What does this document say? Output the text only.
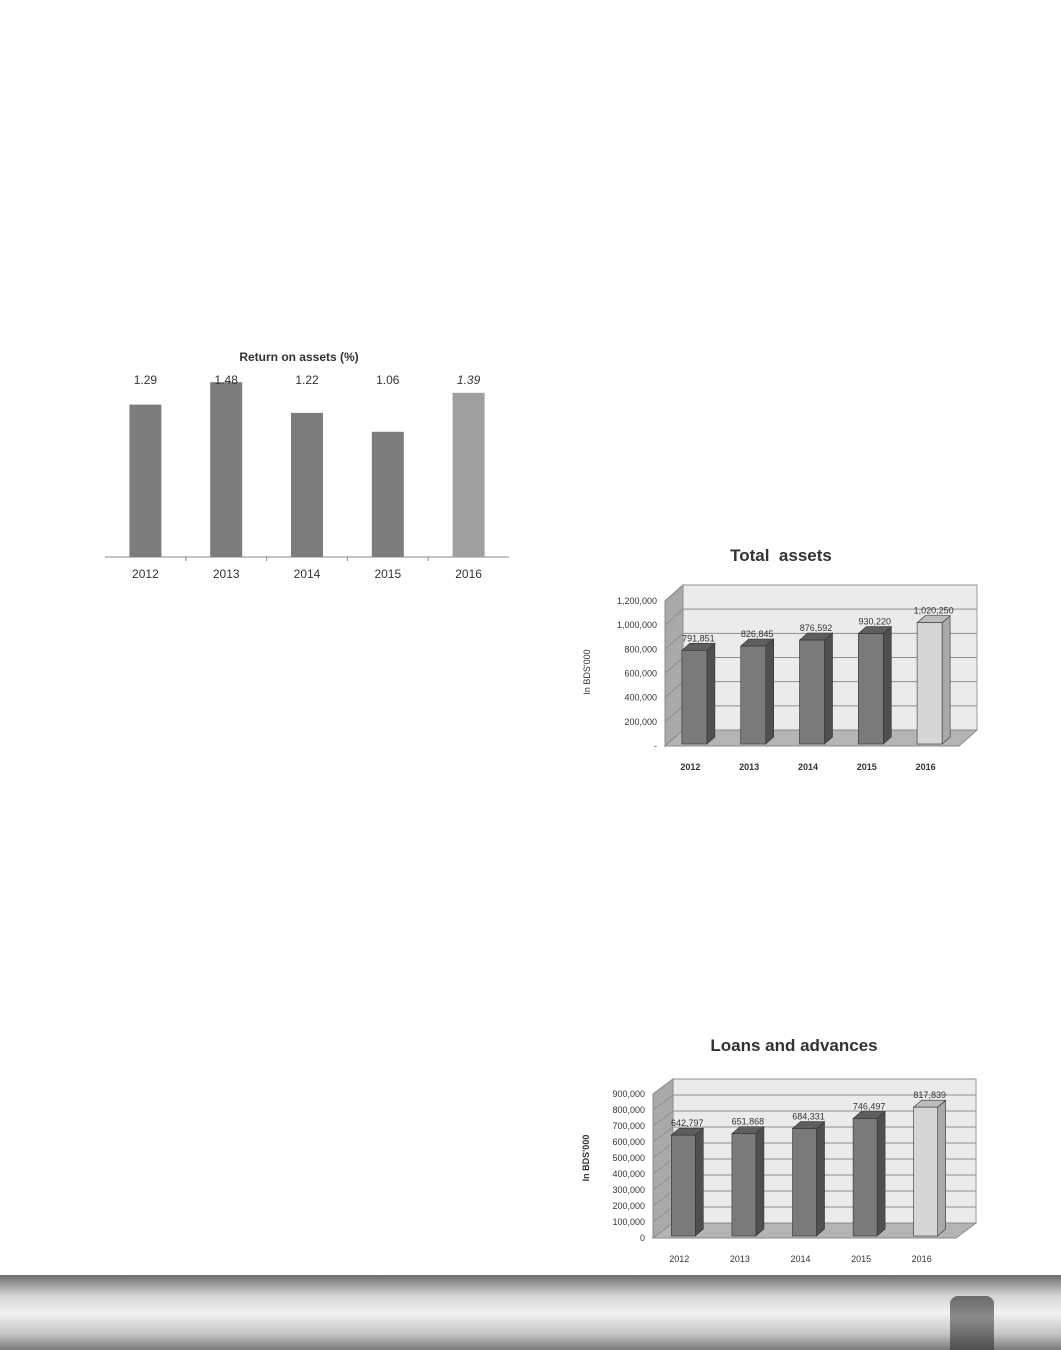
Return on assets (%)
1.29
2012
1.48
2013
1.22
2014
1.06
2015
1.39
2016
Total  assets
In BDS'000
-
200,000
400,000
600,000
800,000
1,000,000
1,200,000
791,851
2012
826,845
2013
876,592
2014
930,220
2015
1,020,250
2016
Loans and advances
In BDS'000
0
100,000
200,000
300,000
400,000
500,000
600,000
700,000
800,000
900,000
642,797
2012
651,868
2013
684,331
2014
746,497
2015
817,839
2016
